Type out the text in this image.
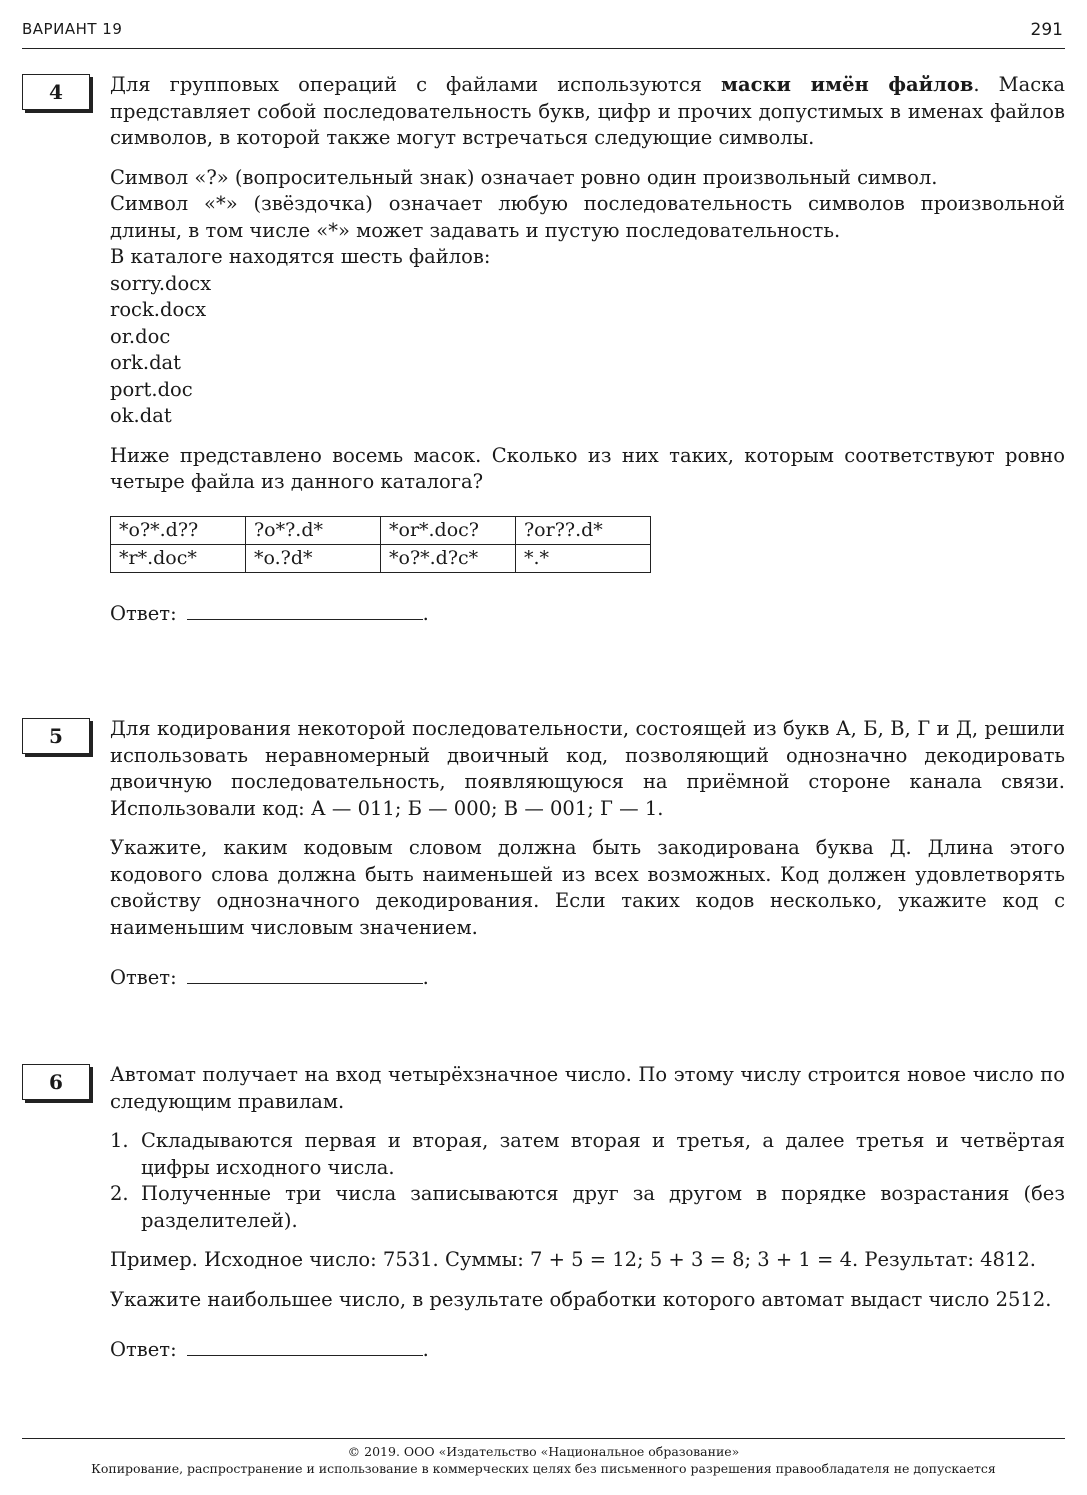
ВАРИАНТ 19	291
4	Для групповых операций с файлами используются маски имён файлов. Маска представляет собой последовательность букв, цифр и прочих допустимых в именах файлов символов, в которой также могут встречаться следующие символы.

Символ «?» (вопросительный знак) означает ровно один произвольный символ.

Символ «*» (звёздочка) означает любую последовательность символов произвольной длины, в том числе «*» может задавать и пустую последовательность.

В каталоге находятся шесть файлов:

sorry.docx
rock.docx
or.doc
ork.dat
port.doc
ok.dat

Ниже представлено восемь масок. Сколько из них таких, которым соответствуют ровно четыре файла из данного каталога?

*o?*.d??	?o*?.d*	*or*.doc?	?or??.d*
*r*.doc*	*o.?d*	*o?*.d?c*	*.*
Ответ:	.
5	Для кодирования некоторой последовательности, состоящей из букв А, Б, В, Г и Д, решили использовать неравномерный двоичный код, позволяющий однозначно декодировать двоичную последовательность, появляющуюся на приёмной стороне канала связи. Использовали код: А — 011; Б — 000; В — 001; Г — 1.

Укажите, каким кодовым словом должна быть закодирована буква Д. Длина этого кодового слова должна быть наименьшей из всех возможных. Код должен удовлетворять свойству однозначного декодирования. Если таких кодов несколько, укажите код с наименьшим числовым значением.

Ответ:	.
6	Автомат получает на вход четырёхзначное число. По этому числу строится новое число по следующим правилам.

1. Складываются первая и вторая, затем вторая и третья, а далее третья и четвёртая цифры исходного числа.
2. Полученные три числа записываются друг за другом в порядке возрастания (без разделителей).

Пример. Исходное число: 7531. Суммы: 7 + 5 = 12; 5 + 3 = 8; 3 + 1 = 4. Результат: 4812.

Укажите наибольшее число, в результате обработки которого автомат выдаст число 2512.

Ответ:	.
© 2019. ООО «Издательство «Национальное образование»
Копирование, распространение и использование в коммерческих целях без письменного разрешения правообладателя не допускается
